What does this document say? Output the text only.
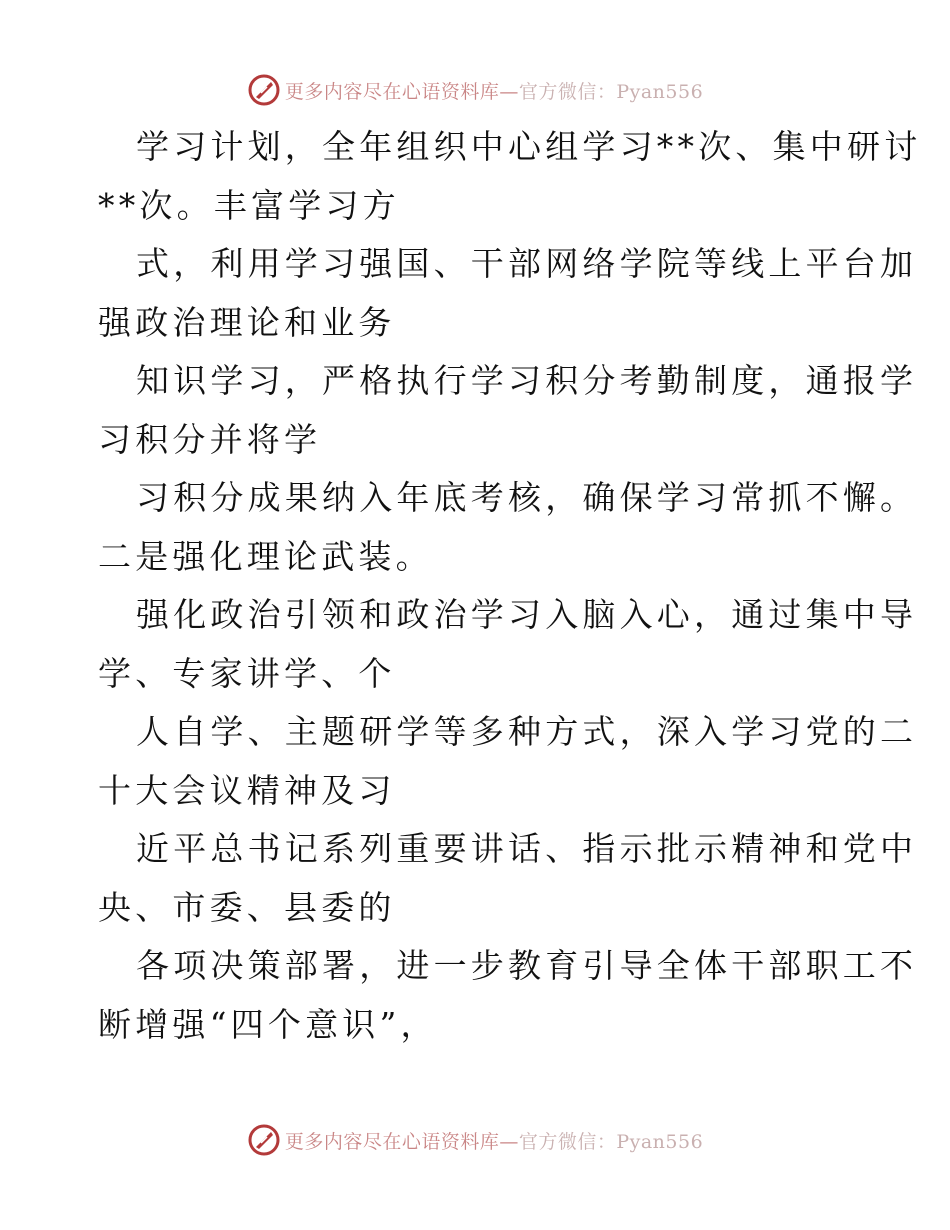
更多内容尽在心语资料库—官方微信：Pyan556
学习计划，全年组织中心组学习**次、集中研讨
**次。丰富学习方
式，利用学习强国、干部网络学院等线上平台加
强政治理论和业务
知识学习，严格执行学习积分考勤制度，通报学
习积分并将学
习积分成果纳入年底考核，确保学习常抓不懈。
二是强化理论武装。
强化政治引领和政治学习入脑入心，通过集中导
学、专家讲学、个
人自学、主题研学等多种方式，深入学习党的二
十大会议精神及习
近平总书记系列重要讲话、指示批示精神和党中
央、市委、县委的
各项决策部署，进一步教育引导全体干部职工不
断增强“四个意识”，
更多内容尽在心语资料库—官方微信：Pyan556
